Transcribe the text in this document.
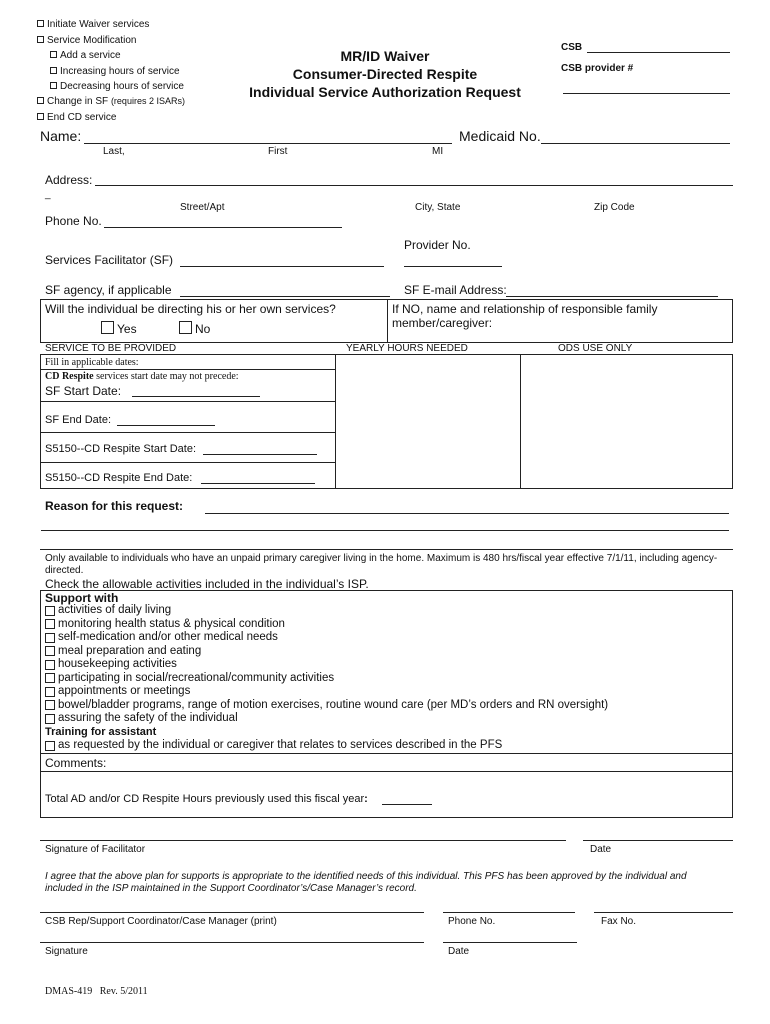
Initiate Waiver services
Service Modification
Add a service
Increasing hours of service
Decreasing hours of service
Change in SF (requires 2 ISARs)
End CD service
MR/ID Waiver
Consumer-Directed Respite
Individual Service Authorization Request
CSB
CSB provider #
Name:
Last,	First	MI
Medicaid No.
Address:
_
Street/Apt	City, State	Zip Code
Phone No.
Provider No.
Services Facilitator (SF)
SF agency, if applicable	SF E-mail Address:
Will the individual be directing his or her own services?
Yes	No
If NO, name and relationship of responsible family
member/caregiver:
SERVICE TO BE PROVIDED	YEARLY HOURS NEEDED	ODS USE ONLY
Fill in applicable dates:
CD Respite services start date may not precede:
SF Start Date:
SF End Date:
S5150--CD Respite Start Date:
S5150--CD Respite End Date:
Reason for this request:
Only available to individuals who have an unpaid primary caregiver living in the home. Maximum is 480 hrs/fiscal year effective 7/1/11, including agency-
directed.
Check the allowable activities included in the individual’s ISP.
Support with
activities of daily living
monitoring health status & physical condition
self-medication and/or other medical needs
meal preparation and eating
housekeeping activities
participating in social/recreational/community activities
appointments or meetings
bowel/bladder programs, range of motion exercises, routine wound care (per MD’s orders and RN oversight)
assuring the safety of the individual
Training for assistant
as requested by the individual or caregiver that relates to services described in the PFS
Comments:
Total AD and/or CD Respite Hours previously used this fiscal year:
Signature of Facilitator	Date
I agree that the above plan for supports is appropriate to the identified needs of this individual. This PFS has been approved by the individual and
included in the ISP maintained in the Support Coordinator’s/Case Manager’s record.
CSB Rep/Support Coordinator/Case Manager (print)	Phone No.	Fax No.
Signature	Date
DMAS-419 Rev. 5/2011
